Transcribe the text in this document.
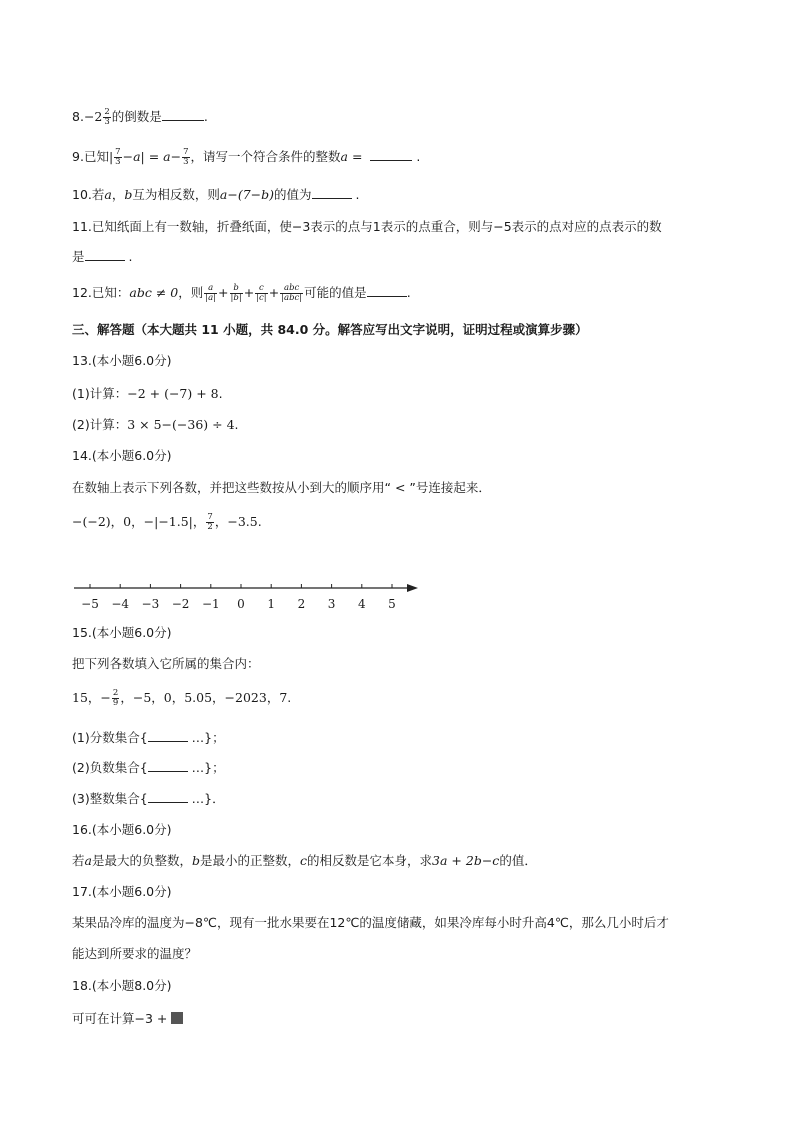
$8.-2 \frac{2}{3}$ 的倒数是	.
9.已知| $\frac{7}{3} -a| = a- \frac{7}{3}$ ，请写一个符合条件的整数a =	.
10.若a，b互为相反数，则a−(7−b)的值为	.
11.已知纸面上有一数轴，折叠纸面，使−3表示的点与1表示的点重合，则与−5表示的点对应的点表示的数
是	.
12.已知：abc ≠ 0，则 $\frac{a}{|a|} + \frac{b}{|b|} + \frac{c}{|c|} + \frac{\text{abc}}{\text{|abc|}}$ 可能的值是	.
三、解答题（本大题共 11 小题，共 84.0 分。解答应写出文字说明，证明过程或演算步骤）
13.(本小题6.0分)
(1)计算：−2 + (−7) + 8.
(2)计算：3 × 5−(−36) ÷ 4.
14.(本小题6.0分)
在数轴上表示下列各数，并把这些数按从小到大的顺序用“ < ”号连接起来．
−(−2)，0，−|−1.5|， $\frac{7}{2}$ ，−3.5.
−5 −4 −3 −2 −1 0 1 2 3 4 5
15.(本小题6.0分)
把下列各数填入它所属的集合内：
15，− $\frac{2}{9}$ ，−5，0，5.05，−2023，7.
(1)分数集合{	…}；
(2)负数集合{	…}；
(3)整数集合{	…}．
16.(本小题6.0分)
若a是最大的负整数，b是最小的正整数，c的相反数是它本身，求3a + 2b−c的值．
17.(本小题6.0分)
某果品冷库的温度为−8℃，现有一批水果要在12℃的温度储藏，如果冷库每小时升高4℃，那么几小时后才
能达到所要求的温度？
18.(本小题8.0分)
可可在计算−3 +
